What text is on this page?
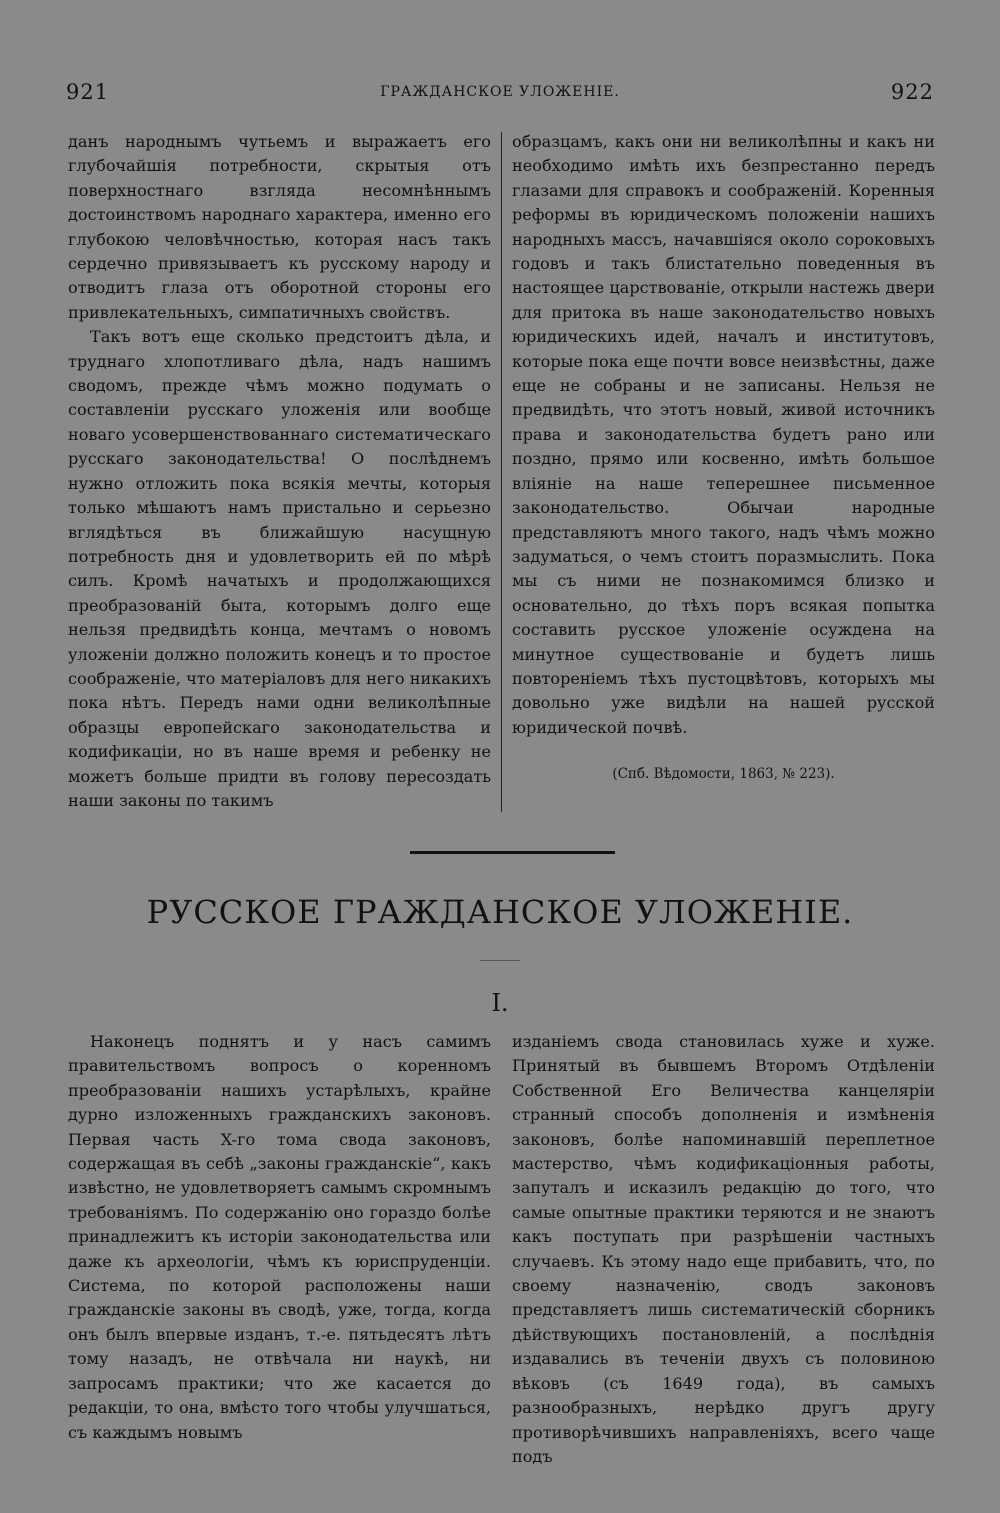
921	ГРАЖДАНСКОЕ УЛОЖЕНІЕ.	922

данъ народнымъ чутьемъ и выражаетъ его глубочайшія потребности, скрытыя отъ поверхностнаго взгляда несомнѣннымъ достоинствомъ народнаго характера, именно его глубокою человѣчностью, которая насъ такъ сердечно привязываетъ къ русскому народу и отводитъ глаза отъ оборотной стороны его привлекательныхъ, симпатичныхъ свойствъ.

Такъ вотъ еще сколько предстоитъ дѣла, и труднаго хлопотливаго дѣла, надъ нашимъ сводомъ, прежде чѣмъ можно подумать о составленіи русскаго уложенія или вообще новаго усовершенствованнаго систематическаго русскаго законодательства! О послѣднемъ нужно отложить пока всякія мечты, которыя только мѣшаютъ намъ пристально и серьезно вглядѣться въ ближайшую насущную потребность дня и удовлетворить ей по мѣрѣ силъ. Кромѣ начатыхъ и продолжающихся преобразованій быта, которымъ долго еще нельзя предвидѣть конца, мечтамъ о новомъ уложеніи должно положить конецъ и то простое соображеніе, что матеріаловъ для него никакихъ пока нѣтъ. Передъ нами одни великолѣпные образцы европейскаго законодательства и кодификаціи, но въ наше время и ребенку не можетъ больше придти въ голову пересоздать наши законы по такимъ

образцамъ, какъ они ни великолѣпны и какъ ни необходимо имѣть ихъ безпрестанно передъ глазами для справокъ и соображеній. Коренныя реформы въ юридическомъ положеніи нашихъ народныхъ массъ, начавшіяся около сороковыхъ годовъ и такъ блистательно поведенныя въ настоящее царствованіе, открыли настежь двери для притока въ наше законодательство новыхъ юридическихъ идей, началъ и институтовъ, которые пока еще почти вовсе неизвѣстны, даже еще не собраны и не записаны. Нельзя не предвидѣть, что этотъ новый, живой источникъ права и законодательства будетъ рано или поздно, прямо или косвенно, имѣть большое вліяніе на наше теперешнее письменное законодательство. Обычаи народные представляютъ много такого, надъ чѣмъ можно задуматься, о чемъ стоитъ поразмыслить. Пока мы съ ними не познакомимся близко и основательно, до тѣхъ поръ всякая попытка составить русское уложеніе осуждена на минутное существованіе и будетъ лишь повтореніемъ тѣхъ пустоцвѣтовъ, которыхъ мы довольно уже видѣли на нашей русской юридической почвѣ.

(Спб. Вѣдомости, 1863, № 223).
РУССКОЕ ГРАЖДАНСКОЕ УЛОЖЕНІЕ.
I.

Наконецъ поднятъ и у насъ самимъ правительствомъ вопросъ о коренномъ преобразованіи нашихъ устарѣлыхъ, крайне дурно изложенныхъ гражданскихъ законовъ. Первая часть X-го тома свода законовъ, содержащая въ себѣ „законы гражданскіе“, какъ извѣстно, не удовлетворяетъ самымъ скромнымъ требованіямъ. По содержанію оно гораздо болѣе принадлежитъ къ исторіи законодательства или даже къ археологіи, чѣмъ къ юриспруденціи. Система, по которой расположены наши гражданскіе законы въ сводѣ, уже, тогда, когда онъ былъ впервые изданъ, т.-е. пятьдесятъ лѣтъ тому назадъ, не отвѣчала ни наукѣ, ни запросамъ практики; что же касается до редакціи, то она, вмѣсто того чтобы улучшаться, съ каждымъ новымъ

изданіемъ свода становилась хуже и хуже. Принятый въ бывшемъ Второмъ Отдѣленіи Собственной Его Величества канцеляріи странный способъ дополненія и измѣненія законовъ, болѣе напоминавшій переплетное мастерство, чѣмъ кодификаціонныя работы, запуталъ и исказилъ редакцію до того, что самые опытные практики теряются и не знаютъ какъ поступать при разрѣшеніи частныхъ случаевъ. Къ этому надо еще прибавить, что, по своему назначенію, сводъ законовъ представляетъ лишь систематическій сборникъ дѣйствующихъ постановленій, а послѣднія издавались въ теченіи двухъ съ половиною вѣковъ (съ 1649 года), въ самыхъ разнообразныхъ, нерѣдко другъ другу противорѣчившихъ направленіяхъ, всего чаще подъ
